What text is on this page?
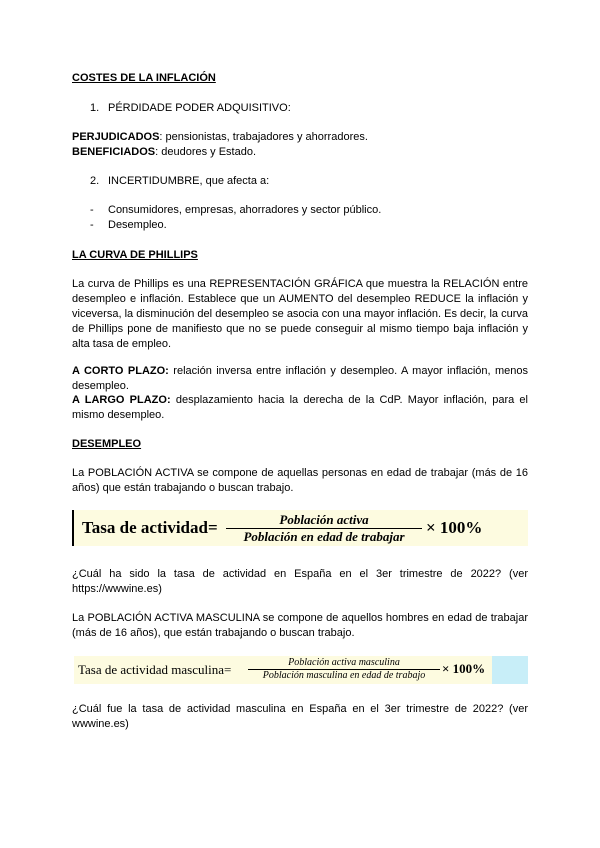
COSTES DE LA INFLACIÓN
1. PÉRDIDADE PODER ADQUISITIVO:
PERJUDICADOS: pensionistas, trabajadores y ahorradores.
BENEFICIADOS: deudores y Estado.
2. INCERTIDUMBRE, que afecta a:
- Consumidores, empresas, ahorradores y sector público.
- Desempleo.
LA CURVA DE PHILLIPS
La curva de Phillips es una REPRESENTACIÓN GRÁFICA que muestra la RELACIÓN entre desempleo e inflación. Establece que un AUMENTO del desempleo REDUCE la inflación y viceversa, la disminución del desempleo se asocia con una mayor inflación. Es decir, la curva de Phillips pone de manifiesto que no se puede conseguir al mismo tiempo baja inflación y alta tasa de empleo.
A CORTO PLAZO: relación inversa entre inflación y desempleo. A mayor inflación, menos desempleo.
A LARGO PLAZO: desplazamiento hacia la derecha de la CdP. Mayor inflación, para el mismo desempleo.
DESEMPLEO
La POBLACIÓN ACTIVA se compone de aquellas personas en edad de trabajar (más de 16 años) que están trabajando o buscan trabajo.
Tasa de actividad=	Población activa
Población en edad de trabajar	× 100%
¿Cuál ha sido la tasa de actividad en España en el 3er trimestre de 2022? (ver https://wwwine.es)
La POBLACIÓN ACTIVA MASCULINA se compone de aquellos hombres en edad de trabajar (más de 16 años), que están trabajando o buscan trabajo.
Tasa de actividad masculina=	Población activa masculina
Población masculina en edad de trabajo	× 100%
¿Cuál fue la tasa de actividad masculina en España en el 3er trimestre de 2022? (ver wwwine.es)
